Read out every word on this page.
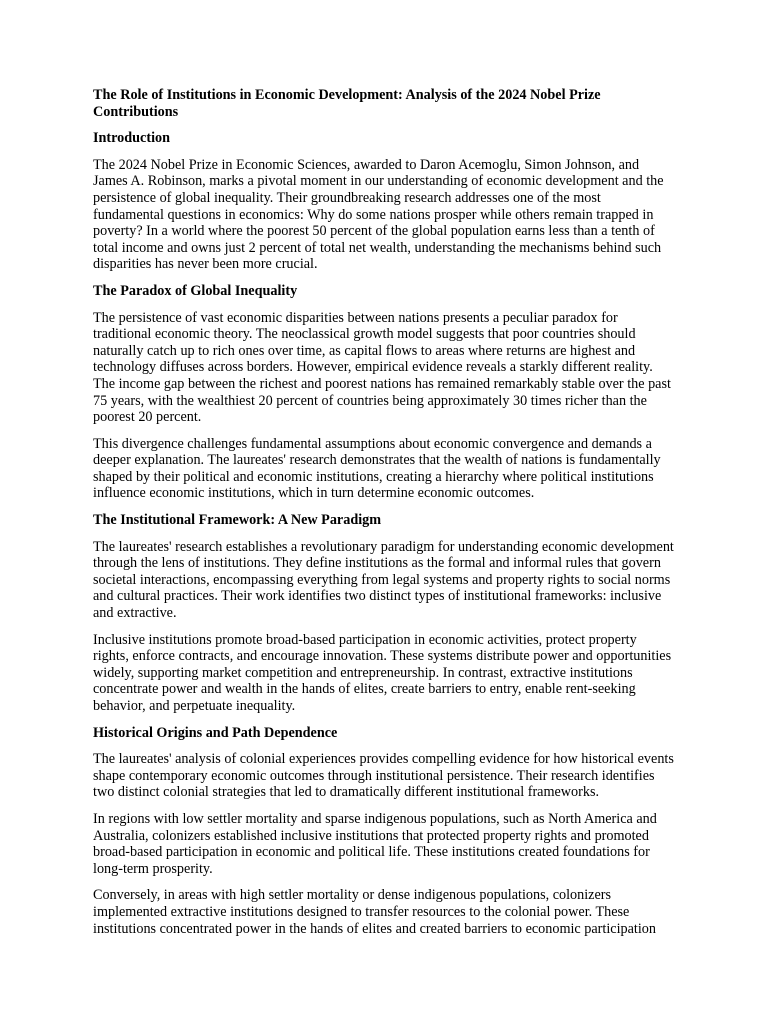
The Role of Institutions in Economic Development: Analysis of the 2024 Nobel Prize Contributions

Introduction

The 2024 Nobel Prize in Economic Sciences, awarded to Daron Acemoglu, Simon Johnson, and James A. Robinson, marks a pivotal moment in our understanding of economic development and the persistence of global inequality. Their groundbreaking research addresses one of the most fundamental questions in economics: Why do some nations prosper while others remain trapped in poverty? In a world where the poorest 50 percent of the global population earns less than a tenth of total income and owns just 2 percent of total net wealth, understanding the mechanisms behind such disparities has never been more crucial.

The Paradox of Global Inequality

The persistence of vast economic disparities between nations presents a peculiar paradox for traditional economic theory. The neoclassical growth model suggests that poor countries should naturally catch up to rich ones over time, as capital flows to areas where returns are highest and technology diffuses across borders. However, empirical evidence reveals a starkly different reality. The income gap between the richest and poorest nations has remained remarkably stable over the past 75 years, with the wealthiest 20 percent of countries being approximately 30 times richer than the poorest 20 percent.

This divergence challenges fundamental assumptions about economic convergence and demands a deeper explanation. The laureates' research demonstrates that the wealth of nations is fundamentally shaped by their political and economic institutions, creating a hierarchy where political institutions influence economic institutions, which in turn determine economic outcomes.

The Institutional Framework: A New Paradigm

The laureates' research establishes a revolutionary paradigm for understanding economic development through the lens of institutions. They define institutions as the formal and informal rules that govern societal interactions, encompassing everything from legal systems and property rights to social norms and cultural practices. Their work identifies two distinct types of institutional frameworks: inclusive and extractive.

Inclusive institutions promote broad-based participation in economic activities, protect property rights, enforce contracts, and encourage innovation. These systems distribute power and opportunities widely, supporting market competition and entrepreneurship. In contrast, extractive institutions concentrate power and wealth in the hands of elites, create barriers to entry, enable rent-seeking behavior, and perpetuate inequality.

Historical Origins and Path Dependence

The laureates' analysis of colonial experiences provides compelling evidence for how historical events shape contemporary economic outcomes through institutional persistence. Their research identifies two distinct colonial strategies that led to dramatically different institutional frameworks.

In regions with low settler mortality and sparse indigenous populations, such as North America and Australia, colonizers established inclusive institutions that protected property rights and promoted broad-based participation in economic and political life. These institutions created foundations for long-term prosperity.

Conversely, in areas with high settler mortality or dense indigenous populations, colonizers implemented extractive institutions designed to transfer resources to the colonial power. These institutions concentrated power in the hands of elites and created barriers to economic participation
